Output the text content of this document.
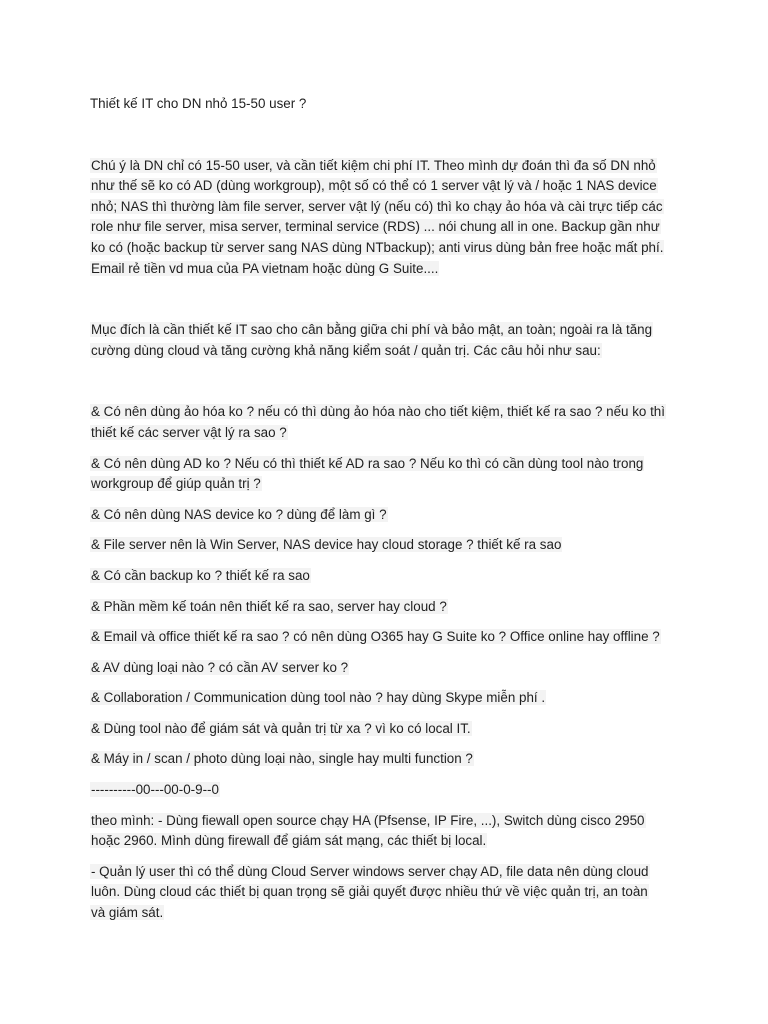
Thiết kế IT cho DN nhỏ 15-50 user ?

Chú ý là DN chỉ có 15-50 user, và cần tiết kiệm chi phí IT. Theo mình dự đoán thì đa số DN nhỏ

như thế sẽ ko có AD (dùng workgroup), một số có thể có 1 server vật lý và / hoặc 1 NAS device

nhỏ; NAS thì thường làm file server, server vật lý (nếu có) thì ko chạy ảo hóa và cài trực tiếp các

role như file server, misa server, terminal service (RDS) ... nói chung all in one. Backup gần như

ko có (hoặc backup từ server sang NAS dùng NTbackup); anti virus dùng bản free hoặc mất phí.

Email rẻ tiền vd mua của PA vietnam hoặc dùng G Suite....

Mục đích là cần thiết kế IT sao cho cân bằng giữa chi phí và bảo mật, an toàn; ngoài ra là tăng

cường dùng cloud và tăng cường khả năng kiểm soát / quản trị. Các câu hỏi như sau:

& Có nên dùng ảo hóa ko ? nếu có thì dùng ảo hóa nào cho tiết kiệm, thiết kế ra sao ? nếu ko thì

thiết kế các server vật lý ra sao ?

& Có nên dùng AD ko ? Nếu có thì thiết kế AD ra sao ? Nếu ko thì có cần dùng tool nào trong

workgroup để giúp quản trị ?

& Có nên dùng NAS device ko ? dùng để làm gì ?

& File server nên là Win Server, NAS device hay cloud storage ? thiết kế ra sao

& Có cần backup ko ? thiết kế ra sao

& Phần mềm kế toán nên thiết kế ra sao, server hay cloud ?

& Email và office thiết kế ra sao ? có nên dùng O365 hay G Suite ko ? Office online hay offline ?

& AV dùng loại nào ? có cần AV server ko ?

& Collaboration / Communication dùng tool nào ? hay dùng Skype miễn phí .

& Dùng tool nào để giám sát và quản trị từ xa ? vì ko có local IT.

& Máy in / scan / photo dùng loại nào, single hay multi function ?

----------00---00-0-9--0

theo mình: - Dùng fiewall open source chạy HA (Pfsense, IP Fire, ...), Switch dùng cisco 2950

hoặc 2960. Mình dùng firewall để giám sát mạng, các thiết bị local.

- Quản lý user thì có thể dùng Cloud Server windows server chạy AD, file data nên dùng cloud

luôn. Dùng cloud các thiết bị quan trọng sẽ giải quyết được nhiều thứ về việc quản trị, an toàn

và giám sát.
